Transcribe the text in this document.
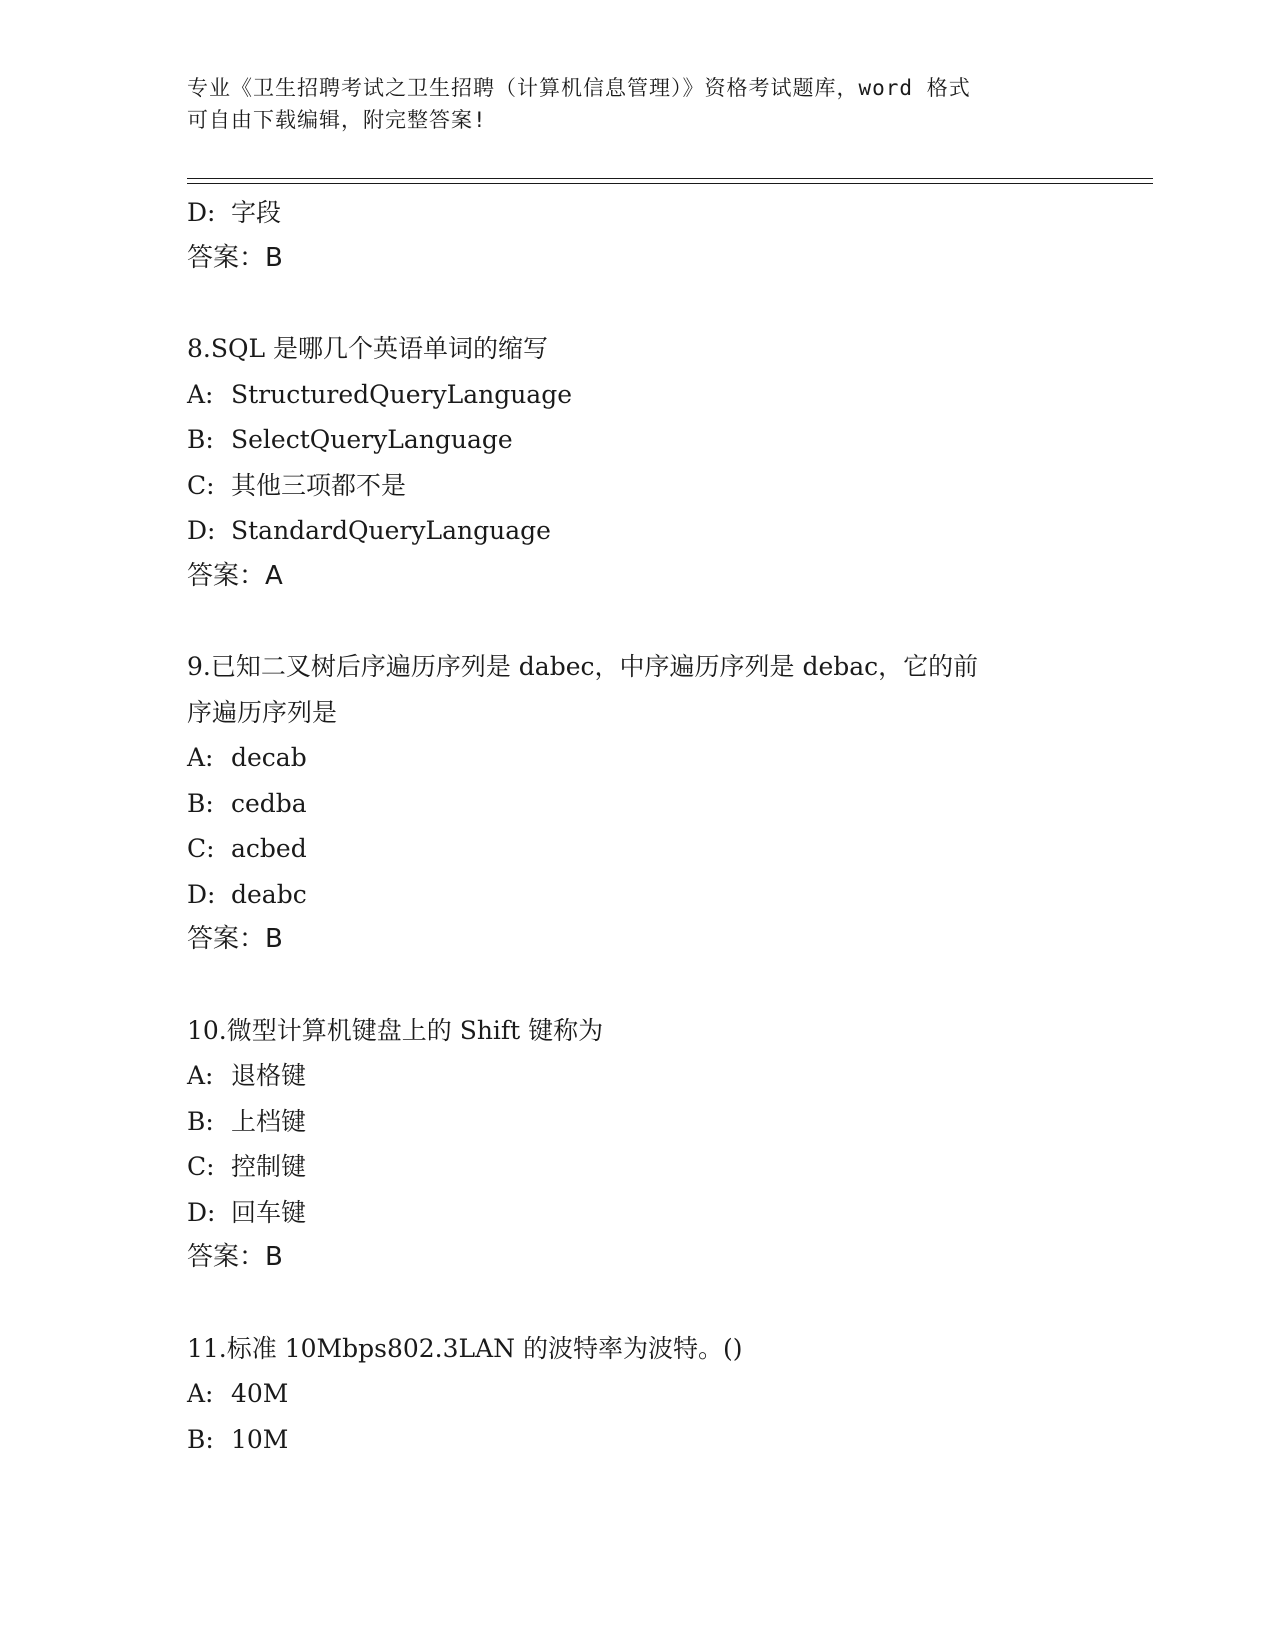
专业《卫生招聘考试之卫生招聘（计算机信息管理）》资格考试题库，word 格式
可自由下载编辑，附完整答案!
D: 字段
答案：B
8.SQL 是哪几个英语单词的缩写
A: StructuredQueryLanguage
B: SelectQueryLanguage
C: 其他三项都不是
D: StandardQueryLanguage
答案：A
9.已知二叉树后序遍历序列是 dabec，中序遍历序列是 debac，它的前
序遍历序列是
A: decab
B: cedba
C: acbed
D: deabc
答案：B
10.微型计算机键盘上的 Shift 键称为
A: 退格键
B: 上档键
C: 控制键
D: 回车键
答案：B
11.标准 10Mbps802.3LAN 的波特率为波特。()
A: 40M
B: 10M
